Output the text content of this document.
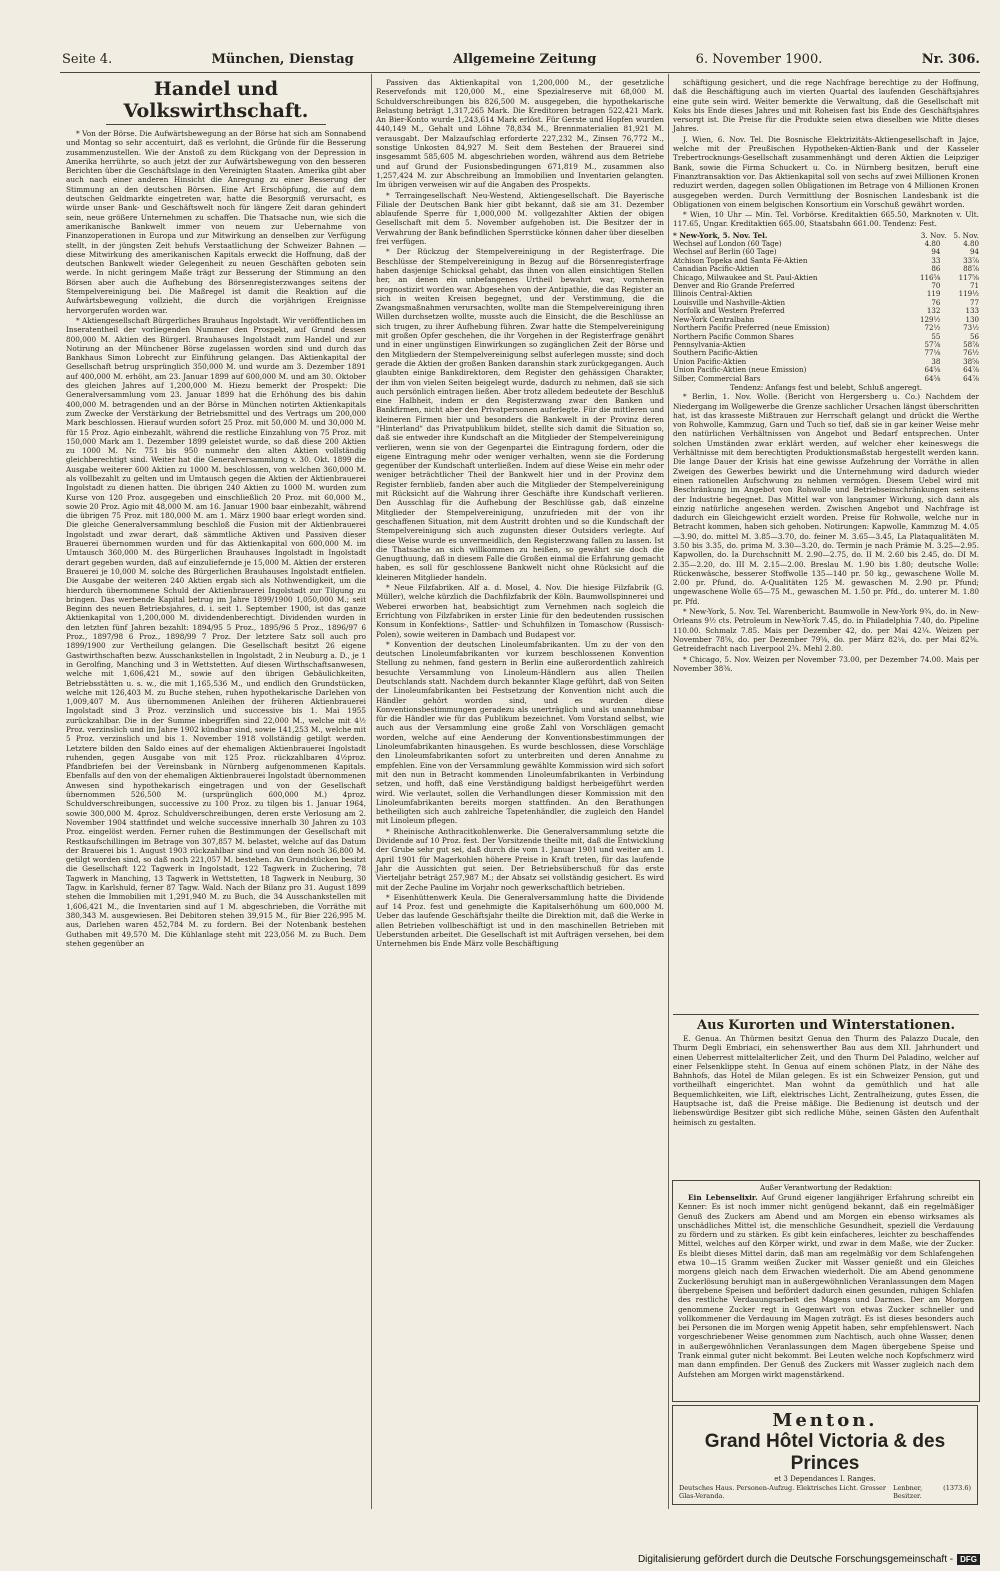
Seite 4.	München, Dienstag	Allgemeine Zeitung	6. November 1900.	Nr. 306.
Handel und Volkswirthschaft.

* Von der Börse. Die Aufwärtsbewegung an der Börse hat sich am Sonnabend und Montag so sehr accentuirt, daß es verlohnt, die Gründe für die Besserung zusammenzustellen. Wie der Anstoß zu dem Rückgang von der Depression in Amerika herrührte, so auch jetzt der zur Aufwärtsbewegung von den besseren Berichten über die Geschäftslage in den Vereinigten Staaten. Amerika gibt aber auch nach einer anderen Hinsicht die Anregung zu einer Besserung der Stimmung an den deutschen Börsen. Eine Art Erschöpfung, die auf dem deutschen Geldmarkte eingetreten war, hatte die Besorgniß verursacht, es würde unser Bank- und Geschäftswelt noch für längere Zeit daran gehindert sein, neue größere Unternehmen zu schaffen. Die Thatsache nun, wie sich die amerikanische Bankwelt immer von neuem zur Uebernahme von Finanzoperationen in Europa und zur Mitwirkung an denselben zur Verfügung stellt, in der jüngsten Zeit behufs Verstaatlichung der Schweizer Bahnen — diese Mitwirkung des amerikanischen Kapitals erweckt die Hoffnung, daß der deutschen Bankwelt wieder Gelegenheit zu neuen Geschäften geboten sein werde. In nicht geringem Maße trägt zur Besserung der Stimmung an den Börsen aber auch die Aufhebung des Börsenregisterzwanges seitens der Stempelvereinigung bei. Die Maßregel ist damit die Reaktion auf die Aufwärtsbewegung vollzieht, die durch die vorjährigen Ereignisse hervorgerufen worden war.

* Aktiengesellschaft Bürgerliches Brauhaus Ingolstadt. Wir veröffentlichen im Inseratentheil der vorliegenden Nummer den Prospekt, auf Grund dessen 800,000 M. Aktien des Bürgerl. Brauhauses Ingolstadt zum Handel und zur Notirung an der Münchener Börse zugelassen worden sind und durch das Bankhaus Simon Lobrecht zur Einführung gelangen. Das Aktienkapital der Gesellschaft betrug ursprünglich 350,000 M. und wurde am 3. Dezember 1891 auf 400,000 M. erhöht, am 23. Januar 1899 auf 600,000 M. und am 30. Oktober des gleichen Jahres auf 1,200,000 M. Hiezu bemerkt der Prospekt: Die Generalversammlung vom 23. Januar 1899 hat die Erhöhung des bis dahin 400,000 M. betragenden und an der Börse in München notirten Aktienkapitals zum Zwecke der Verstärkung der Betriebsmittel und des Vertrags um 200,000 Mark beschlossen. Hierauf wurden sofort 25 Proz. mit 50,000 M. und 30,000 M. für 15 Proz. Agio einbezahlt, während die restliche Einzahlung von 75 Proz. mit 150,000 Mark am 1. Dezember 1899 geleistet wurde, so daß diese 200 Aktien zu 1000 M. Nr. 751 bis 950 nunmehr den alten Aktien vollständig gleichberechtigt sind. Weiter hat die Generalversammlung v. 30. Okt. 1899 die Ausgabe weiterer 600 Aktien zu 1000 M. beschlossen, von welchen 360,000 M. als vollbezahlt zu gelten und im Umtausch gegen die Aktien der Aktienbrauerei Ingolstadt zu dienen hatten. Die übrigen 240 Aktien zu 1000 M. wurden zum Kurse von 120 Proz. ausgegeben und einschließlich 20 Proz. mit 60,000 M., sowie 20 Proz. Agio mit 48,000 M. am 16. Januar 1900 baar einbezahlt, während die übrigen 75 Proz. mit 180,000 M. am 1. März 1900 baar erlegt worden sind. Die gleiche Generalversammlung beschloß die Fusion mit der Aktienbrauerei Ingolstadt und zwar derart, daß sämmtliche Aktiven und Passiven dieser Brauerei übernommen wurden und für das Aktienkapital von 600,000 M. im Umtausch 360,000 M. des Bürgerlichen Brauhauses Ingolstadt in Ingolstadt derart gegeben wurden, daß auf einzuliefernde je 15,000 M. Aktien der ersteren Brauerei je 10,000 M. solche des Bürgerlichen Brauhauses Ingolstadt entfielen. Die Ausgabe der weiteren 240 Aktien ergab sich als Nothwendigkeit, um die hierdurch übernommene Schuld der Aktienbrauerei Ingolstadt zur Tilgung zu bringen. Das werbende Kapital betrug im Jahre 1899/1900 1,050,000 M.; seit Beginn des neuen Betriebsjahres, d. i. seit 1. September 1900, ist das ganze Aktienkapital von 1,200,000 M. dividendenberechtigt. Dividenden wurden in den letzten fünf Jahren bezahlt: 1894/95 5 Proz., 1895/96 5 Proz., 1896/97 6 Proz., 1897/98 6 Proz., 1898/99 7 Proz. Der letztere Satz soll auch pro 1899/1900 zur Vertheilung gelangen. Die Gesellschaft besitzt 26 eigene Gastwirthschaften bezw. Ausschankstellen in Ingolstadt, 2 in Neuburg a. D., je 1 in Gerolfing, Manching und 3 in Wettstetten. Auf diesen Wirthschaftsanwesen, welche mit 1,606,421 M., sowie auf den übrigen Gebäulichkeiten, Betriebsstätten u. s. w., die mit 1,165,536 M., und endlich den Grundstücken, welche mit 126,403 M. zu Buche stehen, ruhen hypothekarische Darlehen von 1,009,407 M. Aus übernommenen Anleihen der früheren Aktienbrauerei Ingolstadt sind 3 Proz. verzinslich und successive bis 1. Mai 1955 zurückzahlbar. Die in der Summe inbegriffen sind 22,000 M., welche mit 4½ Proz. verzinslich und im Jahre 1902 kündbar sind, sowie 141,253 M., welche mit 5 Proz. verzinslich und bis 1. November 1918 vollständig getilgt werden. Letztere bilden den Saldo eines auf der ehemaligen Aktienbrauerei Ingolstadt ruhenden, gegen Ausgabe von mit 125 Proz. rückzahlbaren 4½proz. Pfandbriefen bei der Vereinsbank in Nürnberg aufgenommenen Kapitals. Ebenfalls auf den von der ehemaligen Aktienbrauerei Ingolstadt übernommenen Anwesen sind hypothekarisch eingetragen und von der Gesellschaft übernommen 526,500 M. (ursprünglich 600,000 M.) 4proz. Schuldverschreibungen, successive zu 100 Proz. zu tilgen bis 1. Januar 1964, sowie 300,000 M. 4proz. Schuldverschreibungen, deren erste Verlosung am 2. November 1904 stattfindet und welche successive innerhalb 30 Jahren zu 103 Proz. eingelöst werden. Ferner ruhen die Bestimmungen der Gesellschaft mit Restkaufschillingen im Betrage von 307,857 M. belastet, welche auf das Datum der Brauerei bis 1. August 1903 rückzahlbar sind und von dem noch 36,800 M. getilgt worden sind, so daß noch 221,057 M. bestehen. An Grundstücken besitzt die Gesellschaft 122 Tagwerk in Ingolstadt, 122 Tagwerk in Zuchering, 78 Tagwerk in Manching, 13 Tagwerk in Wettstetten, 18 Tagwerk in Neuburg, 30 Tagw. in Karlshuld, ferner 87 Tagw. Wald. Nach der Bilanz pro 31. August 1899 stehen die Immobilien mit 1,291,940 M. zu Buch, die 34 Ausschankstellen mit 1,606,421 M., die Inventarien sind auf 1 M. abgeschrieben, die Vorräthe mit 380,343 M. ausgewiesen. Bei Debitoren stehen 39,915 M., für Bier 226,995 M. aus, Darlehen waren 452,784 M. zu fordern. Bei der Notenbank bestehen Guthaben mit 49,570 M. Die Kühlanlage steht mit 223,056 M. zu Buch. Dem stehen gegenüber an

Passiven das Aktienkapital von 1,200,000 M., der gesetzliche Reservefonds mit 120,000 M., eine Spezialreserve mit 68,000 M. Schuldverschreibungen bis 826,500 M. ausgegeben, die hypothekarische Belastung beträgt 1,317,265 Mark. Die Kreditoren betragen 522,421 Mark. An Bier-Konto wurde 1,243,614 Mark erlöst. Für Gerste und Hopfen wurden 440,149 M., Gehalt und Löhne 78,834 M., Brennmaterialien 81,921 M. verausgabt. Der Malzaufschlag erforderte 227,232 M., Zinsen 76,772 M., sonstige Unkosten 84,927 M. Seit dem Bestehen der Brauerei sind insgesammt 585,605 M. abgeschrieben worden, während aus dem Betriebe und auf Grund der Fusionsbedingungen 671,819 M., zusammen also 1,257,424 M. zur Abschreibung an Immobilien und Inventarien gelangten. Im übrigen verweisen wir auf die Angaben des Prospekts.

* Terraingesellschaft Neu-Westend, Aktiengesellschaft. Die Bayerische Filiale der Deutschen Bank hier gibt bekannt, daß sie am 31. Dezember ablaufende Sperre für 1,000,000 M. vollgezahlter Aktien der obigen Gesellschaft mit dem 5. November aufgehoben ist. Die Besitzer der in Verwahrung der Bank befindlichen Sperrstücke können daher über dieselben frei verfügen.

* Der Rückzug der Stempelvereinigung in der Registerfrage. Die Beschlüsse der Stempelvereinigung in Bezug auf die Börsenregisterfrage haben dasjenige Schicksal gehabt, das ihnen von allen einsichtigen Stellen her, an denen ein unbefangenes Urtheil bewahrt war, vornherein prognostizirt worden war. Abgesehen von der Antipathie, die das Register an sich in weiten Kreisen begegnet, und der Verstimmung, die die Zwangsmaßnahmen verursachten, wollte man die Stempelvereinigung ihren Willen durchsetzen wollte, musste auch die Einsicht, die die Beschlüsse an sich trugen, zu ihrer Aufhebung führen. Zwar hatte die Stempelvereinigung mit großen Opfer geschehen, die ihr Vorgehen in der Registerfrage genährt und in einer ungünstigen Einwirkungen so zugänglichen Zeit der Börse und den Mitgliedern der Stempelvereinigung selbst auferlegen musste; sind doch gerade die Aktien der großen Banken daranshin stark zurückgegangen. Auch glaubten einige Bankdirektoren, dem Register den gehässigen Charakter, der ihm von vielen Seiten beigelegt wurde, dadurch zu nehmen, daß sie sich auch persönlich eintragen ließen. Aber trotz alledem bedeutete der Beschluß eine Halbheit, indem er den Registerzwang zwar den Banken und Bankfirmen, nicht aber den Privatpersonen auferlegte. Für die mittleren und kleineren Firmen hier und besonders die Bankwelt in der Provinz deren "Hinterland" das Privatpublikum bildet, stellte sich damit die Situation so, daß sie entweder ihre Kundschaft an die Mitglieder der Stempelvereinigung verlieren, wenn sie von der Gegenpartei die Eintragung fordern, oder die eigene Eintragung mehr oder weniger verhalten, wenn sie die Forderung gegenüber der Kundschaft unterließen. Indem auf diese Weise ein mehr oder weniger beträchtlicher Theil der Bankwelt hier und in der Provinz dem Register fernblieb, fanden aber auch die Mitglieder der Stempelvereinigung mit Rücksicht auf die Wahrung ihrer Geschäfte ihre Kundschaft verlieren. Den Ausschlag für die Aufhebung der Beschlüsse gab, daß einzelne Mitglieder der Stempelvereinigung, unzufrieden mit der von ihr geschaffenen Situation, mit dem Austritt drohten und so die Kundschaft der Stempelvereinigung sich auch zugunsten dieser Outsiders verlegte. Auf diese Weise wurde es unvermeidlich, den Registerzwang fallen zu lassen. Ist die Thatsache an sich willkommen zu heißen, so gewährt sie doch die Genugthuung, daß in diesem Falle die Großen einmal die Erfahrung gemacht haben, es soll für geschlossene Bankwelt nicht ohne Rücksicht auf die kleineren Mitglieder handeln.

* Neue Filzfabriken. Alf a. d. Mosel, 4. Nov. Die hiesige Filzfabrik (G. Müller), welche kürzlich die Dachfilzfabrik der Köln. Baumwollspinnerei und Weberei erworben hat, beabsichtigt zum Vernehmen nach sogleich die Errichtung von Filzfabriken in erster Linie für den bedeutenden russischen Konsum in Konfektions-, Sattler- und Schuhfilzen in Tomaschow (Russisch-Polen), sowie weiteren in Dambach und Budapest vor.

* Konvention der deutschen Linoleumfabrikanten. Um zu der von den deutschen Linoleumfabrikanten vor kurzem beschlossenen Konvention Stellung zu nehmen, fand gestern in Berlin eine außerordentlich zahlreich besuchte Versammlung von Linoleum-Händlern aus allen Theilen Deutschlands statt. Nachdem durch bekannter Klage geführt, daß von Seiten der Linoleumfabrikanten bei Festsetzung der Konvention nicht auch die Händler gehört worden sind, und es wurden diese Konventionsbestimmungen geradezu als unerträglich und als unannehmbar für die Händler wie für das Publikum bezeichnet. Vom Vorstand selbst, wie auch aus der Versammlung eine große Zahl von Vorschlägen gemacht worden, welche auf eine Aenderung der Konventionsbestimmungen der Linoleumfabrikanten hinausgehen. Es wurde beschlossen, diese Vorschläge den Linoleumfabrikanten sofort zu unterbreiten und deren Annahme zu empfehlen. Eine von der Versammlung gewählte Kommission wird sich sofort mit den nun in Betracht kommenden Linoleumfabrikanten in Verbindung setzen, und hofft, daß eine Verständigung baldigst herbeigeführt werden wird. Wie verlautet, sollen die Verhandlungen dieser Kommission mit den Linoleumfabrikanten bereits morgen stattfinden. An den Berathungen betheiligten sich auch zahlreiche Tapetenhändler, die zugleich den Handel mit Linoleum pflegen.

* Rheinische Anthracitkohlenwerke. Die Generalversammlung setzte die Dividende auf 10 Proz. fest. Der Vorsitzende theilte mit, daß die Entwicklung der Grube sehr gut sei, daß durch die vom 1. Januar 1901 und weiter am 1. April 1901 für Magerkohlen höhere Preise in Kraft treten, für das laufende Jahr die Aussichten gut seien. Der Betriebsüberschuß für das erste Vierteljahr beträgt 257,987 M.; der Absatz sei vollständig gesichert. Es wird mit der Zeche Pauline im Vorjahr noch gewerkschaftlich betrieben.

* Eisenhüttenwerk Keula. Die Generalversammlung hatte die Dividende auf 14 Proz. fest und genehmigte die Kapitalserhöhung um 600,000 M. Ueber das laufende Geschäftsjahr theilte die Direktion mit, daß die Werke in allen Betrieben vollbeschäftigt ist und in den maschinellen Betrieben mit Ueberstunden arbeitet. Die Gesellschaft ist mit Aufträgen versehen, bei dem Unternehmen bis Ende März volle Beschäftigung

schäftigung gesichert, und die rege Nachfrage berechtige zu der Hoffnung, daß die Beschäftigung auch im vierten Quartal des laufenden Geschäftsjahres eine gute sein wird. Weiter bemerkte die Verwaltung, daß die Gesellschaft mit Koks bis Ende dieses Jahres und mit Roheisen fast bis Ende des Geschäftsjahres versorgt ist. Die Preise für die Produkte seien etwa dieselben wie Mitte dieses Jahres.

J. Wien, 6. Nov. Tel. Die Bosnische Elektrizitäts-Aktiengesellschaft in Jajce, welche mit der Preußischen Hypotheken-Aktien-Bank und der Kasseler Trebertrocknungs-Gesellschaft zusammenhängt und deren Aktien die Leipziger Bank, sowie die Firma Schuckert u. Co. in Nürnberg besitzen, beruft eine Finanztransaktion vor. Das Aktienkapital soll von sechs auf zwei Millionen Kronen reduzirt werden, dagegen sollen Obligationen im Betrage von 4 Millionen Kronen ausgegeben werden. Durch Vermittlung der Bosnischen Landesbank ist die Obligationen von einem belgischen Konsortium ein Vorschuß gewährt worden.

* Wien, 10 Uhr — Min. Tel. Vorbörse. Kreditaktien 665.50, Marknoten v. Ult. 117.65, Ungar. Kreditaktien 665.00, Staatsbahn 661.00. Tendenz: Fest.

* New-York, 5. Nov. Tel.	3. Nov. 5. Nov.
Wechsel auf London (60 Tage)	4.80	4.80
Wechsel auf Berlin (60 Tage)	94	94
Atchison Topeka and Santa Fé-Aktien	33	33⅞
Canadian Pacific-Aktien	86	88⅞
Chicago, Milwaukee and St. Paul-Aktien	116⅝	117⅝
Denver and Rio Grande Preferred	70	71
Illinois Central-Aktien	119	119½
Louisville und Nashville-Aktien	76	77
Norfolk and Western Preferred	132	133
New-York Centralbahn	129½	130
Northern Pacific Preferred (neue Emission)	72½	73½
Northern Pacific Common Shares	55	56
Pennsylvania-Aktien	57⅞	58⅞
Southern Pacific-Aktien	77⅛	76½
Union Pacific-Aktien	38	38⅝
Union Pacific-Aktien (neue Emission)	64⅝	64⅞
Silber, Commercial Bars	64⅝	64⅞
Tendenz: Anfangs fest und belebt, Schluß angeregt.

* Berlin, 1. Nov. Wolle. (Bericht von Hergersberg u. Co.) Nachdem der Niedergang im Wollgewerbe die Grenze sachlicher Ursachen längst überschritten hat, ist das krasseste Mißtrauen zur Herrschaft gelangt und drückt die Werthe von Rohwolle, Kammzug, Garn und Tuch so tief, daß sie in gar keiner Weise mehr den natürlichen Verhältnissen von Angebot und Bedarf entsprechen. Unter solchen Umständen zwar erklärt werden, auf welcher eher keineswegs die Verhältnisse mit dem berechtigten Produktionsmaßstab hergestellt werden kann. Die lange Dauer der Krisis hat eine gewisse Aufzehrung der Vorräthe in allen Zweigen des Gewerbes bewirkt und die Unternehmung wird dadurch wieder einen rationellen Aufschwung zu nehmen vermögen. Diesem Uebel wird mit Beschränkung im Angebot von Rohwolle und Betriebseinschränkungen seitens der Industrie begegnet. Das Mittel war von langsamer Wirkung, sich dann als einzig natürliche angesehen werden. Zwischen Angebot und Nachfrage ist dadurch ein Gleichgewicht erzielt worden. Preise für Rohwolle, welche nur in Betracht kommen, haben sich gehoben. Notirungen: Kapwolle, Kammzug M. 4.05—3.90, do. mittel M. 3.85—3.70, do. feiner M. 3.65—3.45, La Plataqualitäten M. 3.50 bis 3.35, do. prima M. 3.30—3.20, do. Termin je nach Prämie M. 3.25—2.95. Kapwollen, do. Ia Durchschnitt M. 2.90—2.75, do. II M. 2.60 bis 2.45, do. DI M. 2.35—2.20, do. III M. 2.15—2.00. Breslau M. 1.90 bis 1.80; deutsche Wolle: Rückenwäsche, besserer Stoffwolle 135—140 pr. 50 kg., gewaschene Wolle M. 2.00 pr. Pfund, do. A-Qualitäten 125 M. gewaschen M. 2.90 pr. Pfund; ungewaschene Wolle 65—75 M., gewaschen M. 1.50 pr. Pfd., do. unterer M. 1.80 pr. Pfd.

* New-York, 5. Nov. Tel. Warenbericht. Baumwolle in New-York 9¾, do. in New-Orleans 9½ cts. Petroleum in New-York 7.45, do. in Philadelphia 7.40, do. Pipeline 110.00. Schmalz 7.85. Mais per Dezember 42, do. per Mai 42¼. Weizen per November 78⅝, do. per Dezember 79⅝, do. per März 82⅛, do. per Mai 82⅜. Getreidefracht nach Liverpool 2¾. Mehl 2.80.

* Chicago, 5. Nov. Weizen per November 73.00, per Dezember 74.00. Mais per November 38⅜.

Aus Kurorten und Winterstationen.

E. Genua. An Thürmen besitzt Genua den Thurm des Palazzo Ducale, den Thurm Degli Embriaci, ein sehenswerther Bau aus dem XII. Jahrhundert und einen Ueberrest mittelalterlicher Zeit, und den Thurm Del Paladino, welcher auf einer Felsenklippe steht. In Genua auf einem schönen Platz, in der Nähe des Bahnhofs, das Hotel de Milan gelegen. Es ist ein Schweizer Pension, gut und vortheilhaft eingerichtet. Man wohnt da gemüthlich und hat alle Bequemlichkeiten, wie Lift, elektrisches Licht, Zentralheizung, gutes Essen, die Hauptsache ist, daß die Preise mäßige. Die Bedienung ist deutsch und der liebenswürdige Besitzer gibt sich redliche Mühe, seinen Gästen den Aufenthalt heimisch zu gestalten.

Außer Verantwortung der Redaktion:

Ein Lebenselixir. Auf Grund eigener langjähriger Erfahrung schreibt ein Kenner: Es ist noch immer nicht genügend bekannt, daß ein regelmäßiger Genuß des Zuckers am Abend und am Morgen ein ebenso wirksames als unschädliches Mittel ist, die menschliche Gesundheit, speziell die Verdauung zu fördern und zu stärken. Es gibt kein einfacheres, leichter zu beschaffendes Mittel, welches auf den Körper wirkt, und zwar in dem Maße, wie der Zucker. Es bleibt dieses Mittel darin, daß man am regelmäßig vor dem Schlafengehen etwa 10—15 Gramm weißen Zucker mit Wasser genießt und ein Gleiches morgens gleich nach dem Erwachen wiederholt. Die am Abend genommene Zuckerlösung beruhigt man in außergewöhnlichen Veranlassungen dem Magen übergebene Speisen und befördert dadurch einen gesunden, ruhigen Schlafen des restliche Verdauungsarbeit des Magens und Darmes. Der am Morgen genommene Zucker regt in Gegenwart von etwas Zucker schneller und vollkommener die Verdauung im Magen zuträgt. Es ist dieses besonders auch bei Personen die im Morgen wenig Appetit haben, sehr empfehlenswert. Nach vorgeschriebener Weise genommen zum Nachtisch, auch ohne Wasser, denen in außergewöhnlichen Veranlassungen dem Magen übergebene Speise und Trank einmal guter nicht bekommt. Bei Leuten welche noch Kopfschmerz wird man dann empfinden. Der Genuß des Zuckers mit Wasser zugleich nach dem Aufstehen am Morgen wirkt magenstärkend.

Menton.
Grand Hôtel Victoria & des Princes
et 3 Dependances I. Ranges.
Deutsches Haus. Personen-Aufzug. Elektrisches Licht. Grosser Glas-Veranda.
Lenbner, Besitzer.
(1373.6)
Digitalisierung gefördert durch die Deutsche Forschungsgemeinschaft - DFG
